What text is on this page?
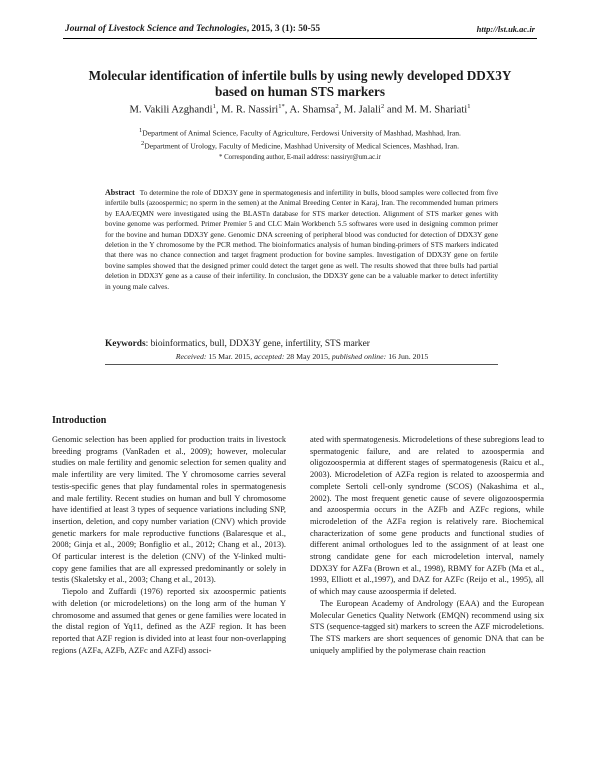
Journal of Livestock Science and Technologies, 2015, 3 (1): 50-55	http://lst.uk.ac.ir
Molecular identification of infertile bulls by using newly developed DDX3Y
based on human STS markers
M. Vakili Azghandi$^1$, M. R. Nassiri$^{1*}$, A. Shamsa$^2$, M. Jalali$^2$ and M. M. Shariati$^1$
$^1$Department of Animal Science, Faculty of Agriculture, Ferdowsi University of Mashhad, Mashhad, Iran.
$^2$Department of Urology, Faculty of Medicine, Mashhad University of Medical Sciences, Mashhad, Iran.
* Corresponding author, E-mail address: nassiryr@um.ac.ir
Abstract To determine the role of DDX3Y gene in spermatogenesis and infertility in bulls, blood samples were collected from five infertile bulls (azoospermic; no sperm in the semen) at the Animal Breeding Center in Karaj, Iran. The recommended human primers by EAA/EQMN were investigated using the BLASTn database for STS marker detection. Alignment of STS marker genes with bovine genome was performed. Primer Premier 5 and CLC Main Workbench 5.5 softwares were used in designing common primer for the bovine and human DDX3Y gene. Genomic DNA screening of peripheral blood was conducted for detection of DDX3Y gene deletion in the Y chromosome by the PCR method. The bioinformatics analysis of human binding-primers of STS markers indicated that there was no chance connection and target fragment production for bovine samples. Investigation of DDX3Y gene on fertile bovine samples showed that the designed primer could detect the target gene as well. The results showed that three bulls had partial deletion in DDX3Y gene as a cause of their infertility. In conclusion, the DDX3Y gene can be a valuable marker to detect infertility in young male calves.
Keywords: bioinformatics, bull, DDX3Y gene, infertility, STS marker
Received: 15 Mar. 2015, accepted: 28 May 2015, published online: 16 Jun. 2015
Introduction

Genomic selection has been applied for production traits in livestock breeding programs (VanRaden et al., 2009); however, molecular studies on male fertility and genomic selection for semen quality and male infertility are very limited. The Y chromosome carries several testis-specific genes that play fundamental roles in spermatogenesis and male fertility. Recent studies on human and bull Y chromosome have identified at least 3 types of sequence variations including SNP, insertion, deletion, and copy number variation (CNV) which provide genetic markers for male reproductive functions (Balaresque et al., 2008; Ginja et al., 2009; Bonfiglio et al., 2012; Chang et al., 2013). Of particular interest is the deletion (CNV) of the Y-linked multi-copy gene families that are all expressed predominantly or solely in testis (Skaletsky et al., 2003; Chang et al., 2013).

Tiepolo and Zuffardi (1976) reported six azoospermic patients with deletion (or microdeletions) on the long arm of the human Y chromosome and assumed that genes or gene families were located in the distal region of Yq11, defined as the AZF region. It has been reported that AZF region is divided into at least four non-overlapping regions (AZFa, AZFb, AZFc and AZFd) associ-

ated with spermatogenesis. Microdeletions of these subregions lead to spermatogenic failure, and are related to azoospermia and oligozoospermia at different stages of spermatogenesis (Raicu et al., 2003). Microdeletion of AZFa region is related to azoospermia and complete Sertoli cell-only syndrome (SCOS) (Nakashima et al., 2002). The most frequent genetic cause of severe oligozoospermia and azoospermia occurs in the AZFb and AZFc regions, while microdeletion of the AZFa region is relatively rare. Biochemical characterization of some gene products and functional studies of different animal orthologues led to the assignment of at least one strong candidate gene for each microdeletion interval, namely DDX3Y for AZFa (Brown et al., 1998), RBMY for AZFb (Ma et al., 1993, Elliott et al.,1997), and DAZ for AZFc (Reijo et al., 1995), all of which may cause azoospermia if deleted.

The European Academy of Andrology (EAA) and the European Molecular Genetics Quality Network (EMQN) recommend using six STS (sequence-tagged sit) markers to screen the AZF microdeletions. The STS markers are short sequences of genomic DNA that can be uniquely amplified by the polymerase chain reaction
